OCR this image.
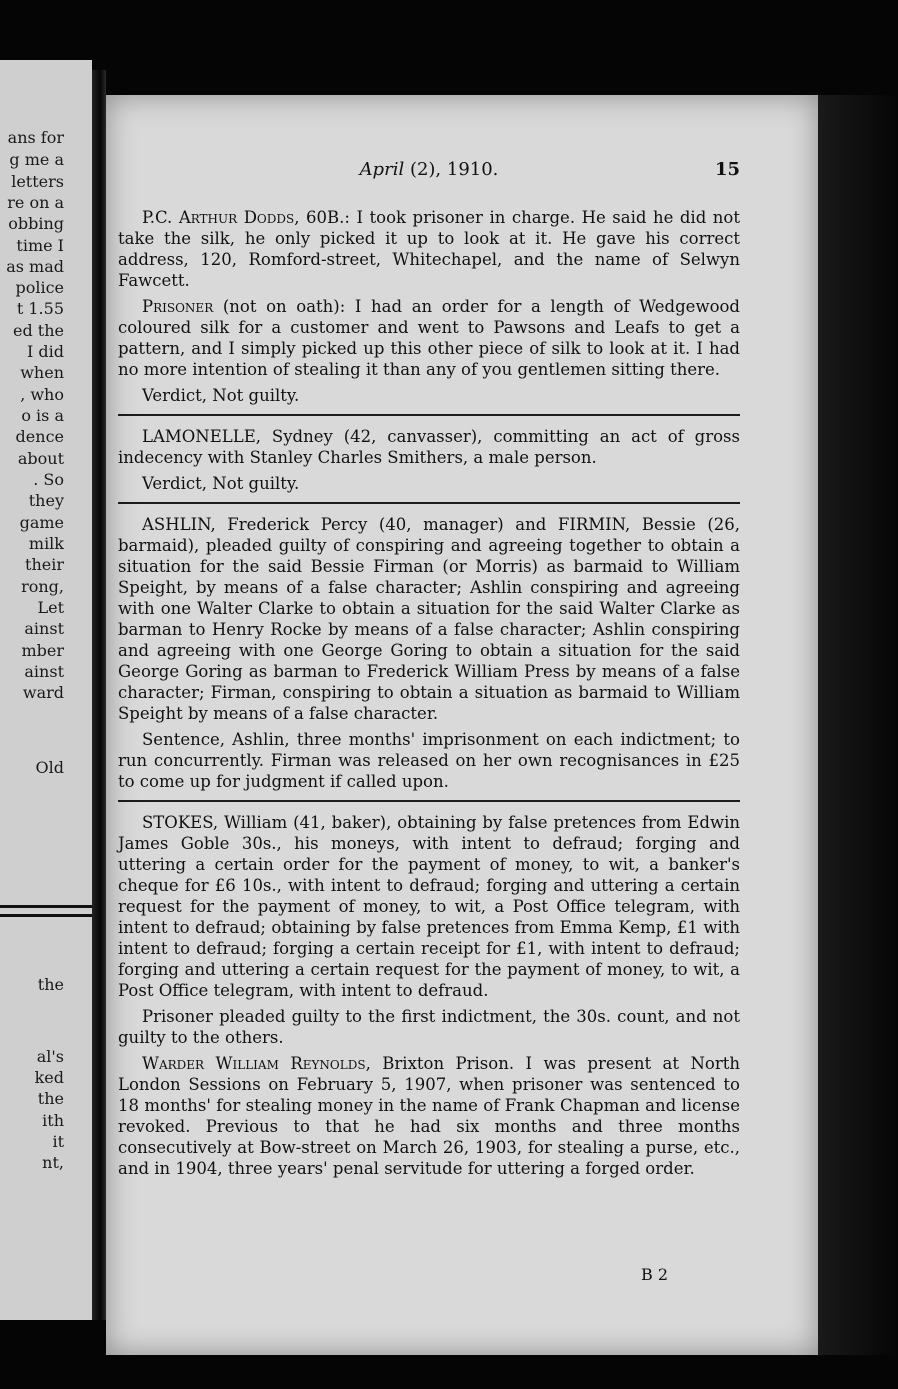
ans for
g me a
letters
re on a
obbing
time I
as mad
police
t 1.55
ed the
I did
when
, who
o is a
dence
about
. So
they
game
milk
their
rong,
Let
ainst
mber
ainst
ward
Old
the
al's
ked
the
ith
it
nt,
April (2), 1910.	15

P.C. Arthur Dodds, 60B.: I took prisoner in charge. He said he did not take the silk, he only picked it up to look at it. He gave his correct address, 120, Romford-street, Whitechapel, and the name of Selwyn Fawcett.

Prisoner (not on oath): I had an order for a length of Wedgewood coloured silk for a customer and went to Pawsons and Leafs to get a pattern, and I simply picked up this other piece of silk to look at it. I had no more intention of stealing it than any of you gentlemen sitting there.

Verdict, Not guilty.

LAMONELLE, Sydney (42, canvasser), committing an act of gross indecency with Stanley Charles Smithers, a male person.

Verdict, Not guilty.

ASHLIN, Frederick Percy (40, manager) and FIRMIN, Bessie (26, barmaid), pleaded guilty of conspiring and agreeing together to obtain a situation for the said Bessie Firman (or Morris) as barmaid to William Speight, by means of a false character; Ashlin conspiring and agreeing with one Walter Clarke to obtain a situation for the said Walter Clarke as barman to Henry Rocke by means of a false character; Ashlin conspiring and agreeing with one George Goring to obtain a situation for the said George Goring as barman to Frederick William Press by means of a false character; Firman, conspiring to obtain a situation as barmaid to William Speight by means of a false character.

Sentence, Ashlin, three months' imprisonment on each indictment; to run concurrently. Firman was released on her own recognisances in £25 to come up for judgment if called upon.

STOKES, William (41, baker), obtaining by false pretences from Edwin James Goble 30s., his moneys, with intent to defraud; forging and uttering a certain order for the payment of money, to wit, a banker's cheque for £6 10s., with intent to defraud; forging and uttering a certain request for the payment of money, to wit, a Post Office telegram, with intent to defraud; obtaining by false pretences from Emma Kemp, £1 with intent to defraud; forging a certain receipt for £1, with intent to defraud; forging and uttering a certain request for the payment of money, to wit, a Post Office telegram, with intent to defraud.

Prisoner pleaded guilty to the first indictment, the 30s. count, and not guilty to the others.

Warder William Reynolds, Brixton Prison. I was present at North London Sessions on February 5, 1907, when prisoner was sentenced to 18 months' for stealing money in the name of Frank Chapman and license revoked. Previous to that he had six months and three months consecutively at Bow-street on March 26, 1903, for stealing a purse, etc., and in 1904, three years' penal servitude for uttering a forged order.

B 2
